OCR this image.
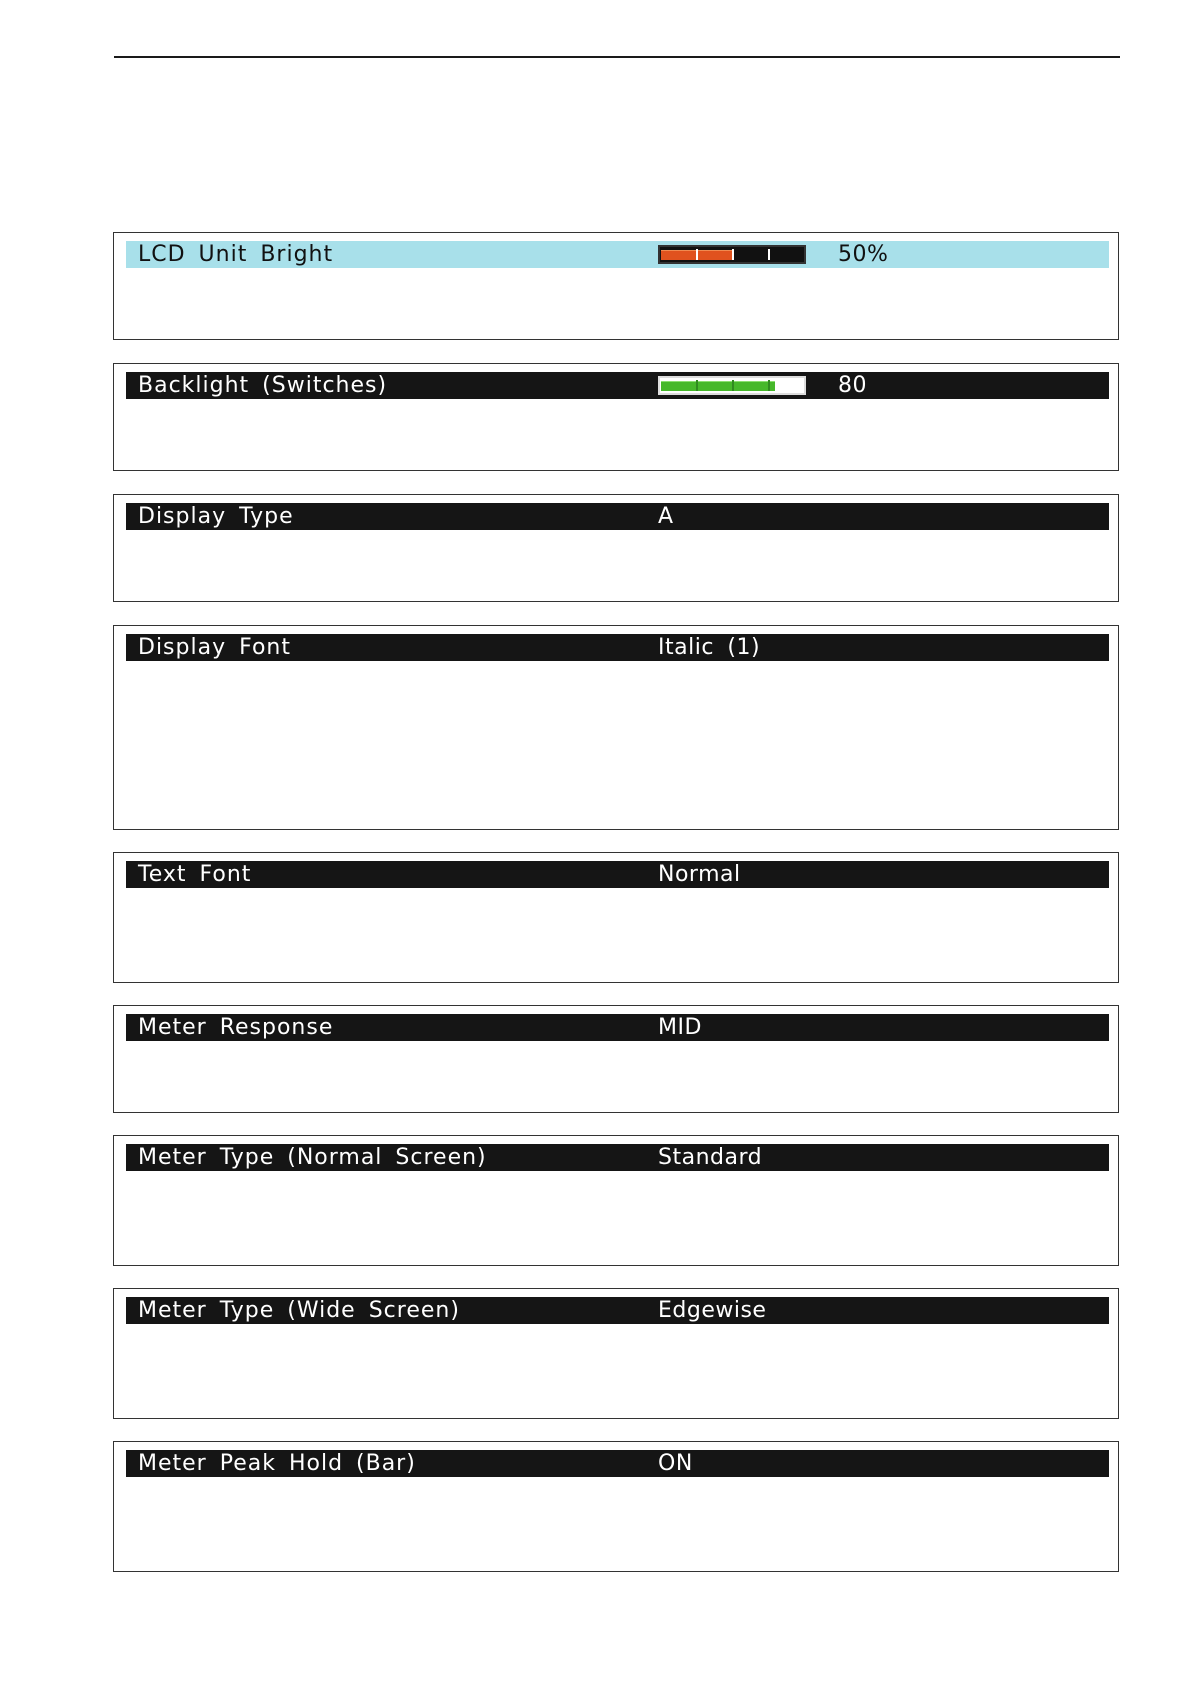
LCD Unit Bright	50%
Backlight (Switches)	80
Display Type	A
Display Font	Italic (1)
Text Font	Normal
Meter Response	MID
Meter Type (Normal Screen)	Standard
Meter Type (Wide Screen)	Edgewise
Meter Peak Hold (Bar)	ON
